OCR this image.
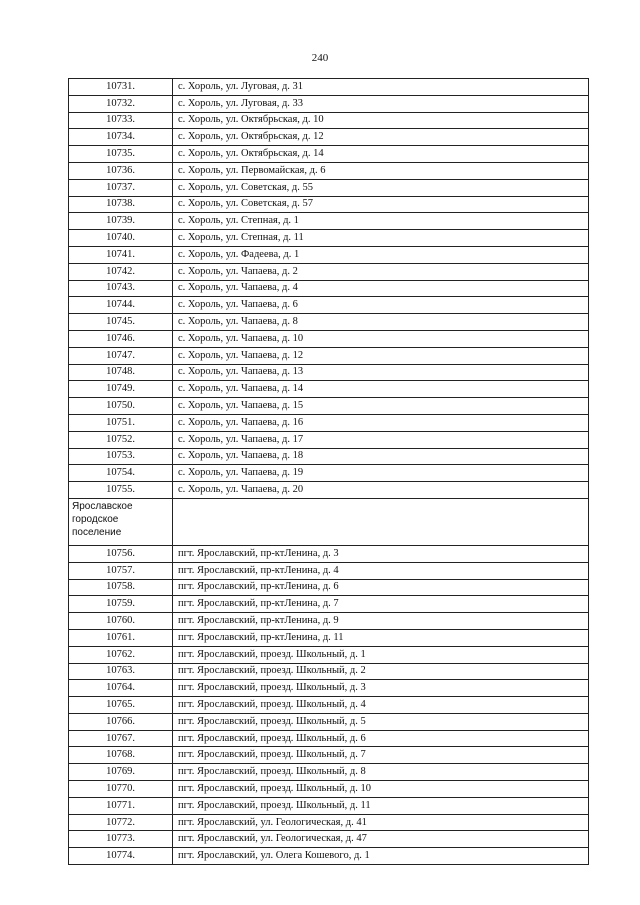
240
10731.	с. Хороль, ул. Луговая, д. 31
10732.	с. Хороль, ул. Луговая, д. 33
10733.	с. Хороль, ул. Октябрьская, д. 10
10734.	с. Хороль, ул. Октябрьская, д. 12
10735.	с. Хороль, ул. Октябрьская, д. 14
10736.	с. Хороль, ул. Первомайская, д. 6
10737.	с. Хороль, ул. Советская, д. 55
10738.	с. Хороль, ул. Советская, д. 57
10739.	с. Хороль, ул. Степная, д. 1
10740.	с. Хороль, ул. Степная, д. 11
10741.	с. Хороль, ул. Фадеева, д. 1
10742.	с. Хороль, ул. Чапаева, д. 2
10743.	с. Хороль, ул. Чапаева, д. 4
10744.	с. Хороль, ул. Чапаева, д. 6
10745.	с. Хороль, ул. Чапаева, д. 8
10746.	с. Хороль, ул. Чапаева, д. 10
10747.	с. Хороль, ул. Чапаева, д. 12
10748.	с. Хороль, ул. Чапаева, д. 13
10749.	с. Хороль, ул. Чапаева, д. 14
10750.	с. Хороль, ул. Чапаева, д. 15
10751.	с. Хороль, ул. Чапаева, д. 16
10752.	с. Хороль, ул. Чапаева, д. 17
10753.	с. Хороль, ул. Чапаева, д. 18
10754.	с. Хороль, ул. Чапаева, д. 19
10755.	с. Хороль, ул. Чапаева, д. 20
Ярославское городское поселение	
10756.	пгт. Ярославский, пр-ктЛенина, д. 3
10757.	пгт. Ярославский, пр-ктЛенина, д. 4
10758.	пгт. Ярославский, пр-ктЛенина, д. 6
10759.	пгт. Ярославский, пр-ктЛенина, д. 7
10760.	пгт. Ярославский, пр-ктЛенина, д. 9
10761.	пгт. Ярославский, пр-ктЛенина, д. 11
10762.	пгт. Ярославский, проезд. Школьный, д. 1
10763.	пгт. Ярославский, проезд. Школьный, д. 2
10764.	пгт. Ярославский, проезд. Школьный, д. 3
10765.	пгт. Ярославский, проезд. Школьный, д. 4
10766.	пгт. Ярославский, проезд. Школьный, д. 5
10767.	пгт. Ярославский, проезд. Школьный, д. 6
10768.	пгт. Ярославский, проезд. Школьный, д. 7
10769.	пгт. Ярославский, проезд. Школьный, д. 8
10770.	пгт. Ярославский, проезд. Школьный, д. 10
10771.	пгт. Ярославский, проезд. Школьный, д. 11
10772.	пгт. Ярославский, ул. Геологическая, д. 41
10773.	пгт. Ярославский, ул. Геологическая, д. 47
10774.	пгт. Ярославский, ул. Олега Кошевого, д. 1
